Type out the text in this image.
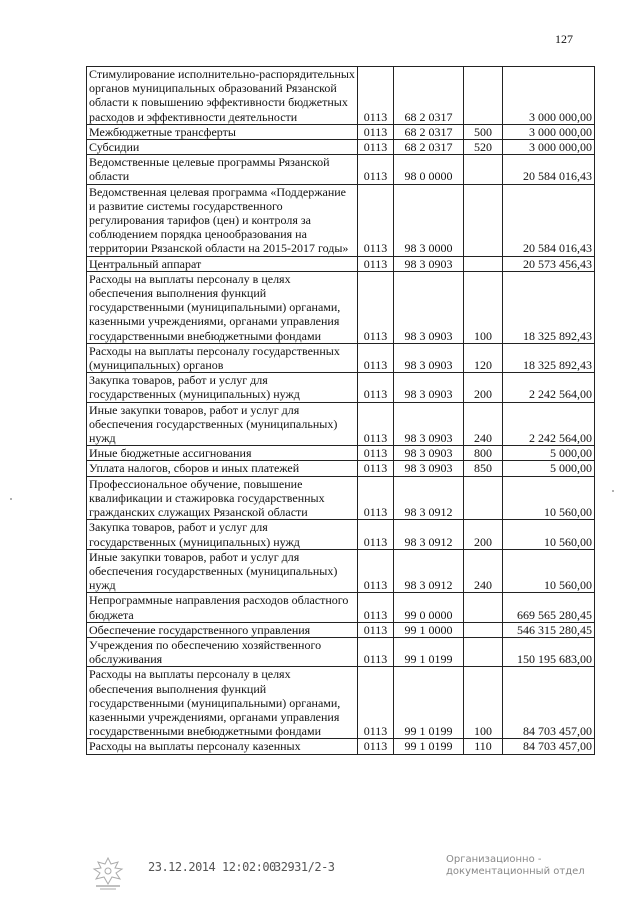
127
Стимулирование исполнительно-распорядительных органов муниципальных образований Рязанской области к повышению эффективности бюджетных расходов и эффективности деятельности	0113	68 2 0317		3 000 000,00
Межбюджетные трансферты	0113	68 2 0317	500	3 000 000,00
Субсидии	0113	68 2 0317	520	3 000 000,00
Ведомственные целевые программы Рязанской области	0113	98 0 0000		20 584 016,43
Ведомственная целевая программа «Поддержание и развитие системы государственного регулирования тарифов (цен) и контроля за соблюдением порядка ценообразования на территории Рязанской области на 2015-2017 годы»	0113	98 3 0000		20 584 016,43
Центральный аппарат	0113	98 3 0903		20 573 456,43
Расходы на выплаты персоналу в целях обеспечения выполнения функций государственными (муниципальными) органами, казенными учреждениями, органами управления государственными внебюджетными фондами	0113	98 3 0903	100	18 325 892,43
Расходы на выплаты персоналу государственных (муниципальных) органов	0113	98 3 0903	120	18 325 892,43
Закупка товаров, работ и услуг для государственных (муниципальных) нужд	0113	98 3 0903	200	2 242 564,00
Иные закупки товаров, работ и услуг для обеспечения государственных (муниципальных) нужд	0113	98 3 0903	240	2 242 564,00
Иные бюджетные ассигнования	0113	98 3 0903	800	5 000,00
Уплата налогов, сборов и иных платежей	0113	98 3 0903	850	5 000,00
Профессиональное обучение, повышение квалификации и стажировка государственных гражданских служащих Рязанской области	0113	98 3 0912		10 560,00
Закупка товаров, работ и услуг для государственных (муниципальных) нужд	0113	98 3 0912	200	10 560,00
Иные закупки товаров, работ и услуг для обеспечения государственных (муниципальных) нужд	0113	98 3 0912	240	10 560,00
Непрограммные направления расходов областного бюджета	0113	99 0 0000		669 565 280,45
Обеспечение государственного управления	0113	99 1 0000		546 315 280,45
Учреждения по обеспечению хозяйственного обслуживания	0113	99 1 0199		150 195 683,00
Расходы на выплаты персоналу в целях обеспечения выполнения функций государственными (муниципальными) органами, казенными учреждениями, органами управления государственными внебюджетными фондами	0113	99 1 0199	100	84 703 457,00
Расходы на выплаты персоналу казенных	0113	99 1 0199	110	84 703 457,00
23.12.2014 12:02:00
32931/2-3
Организационно -
документационный отдел
